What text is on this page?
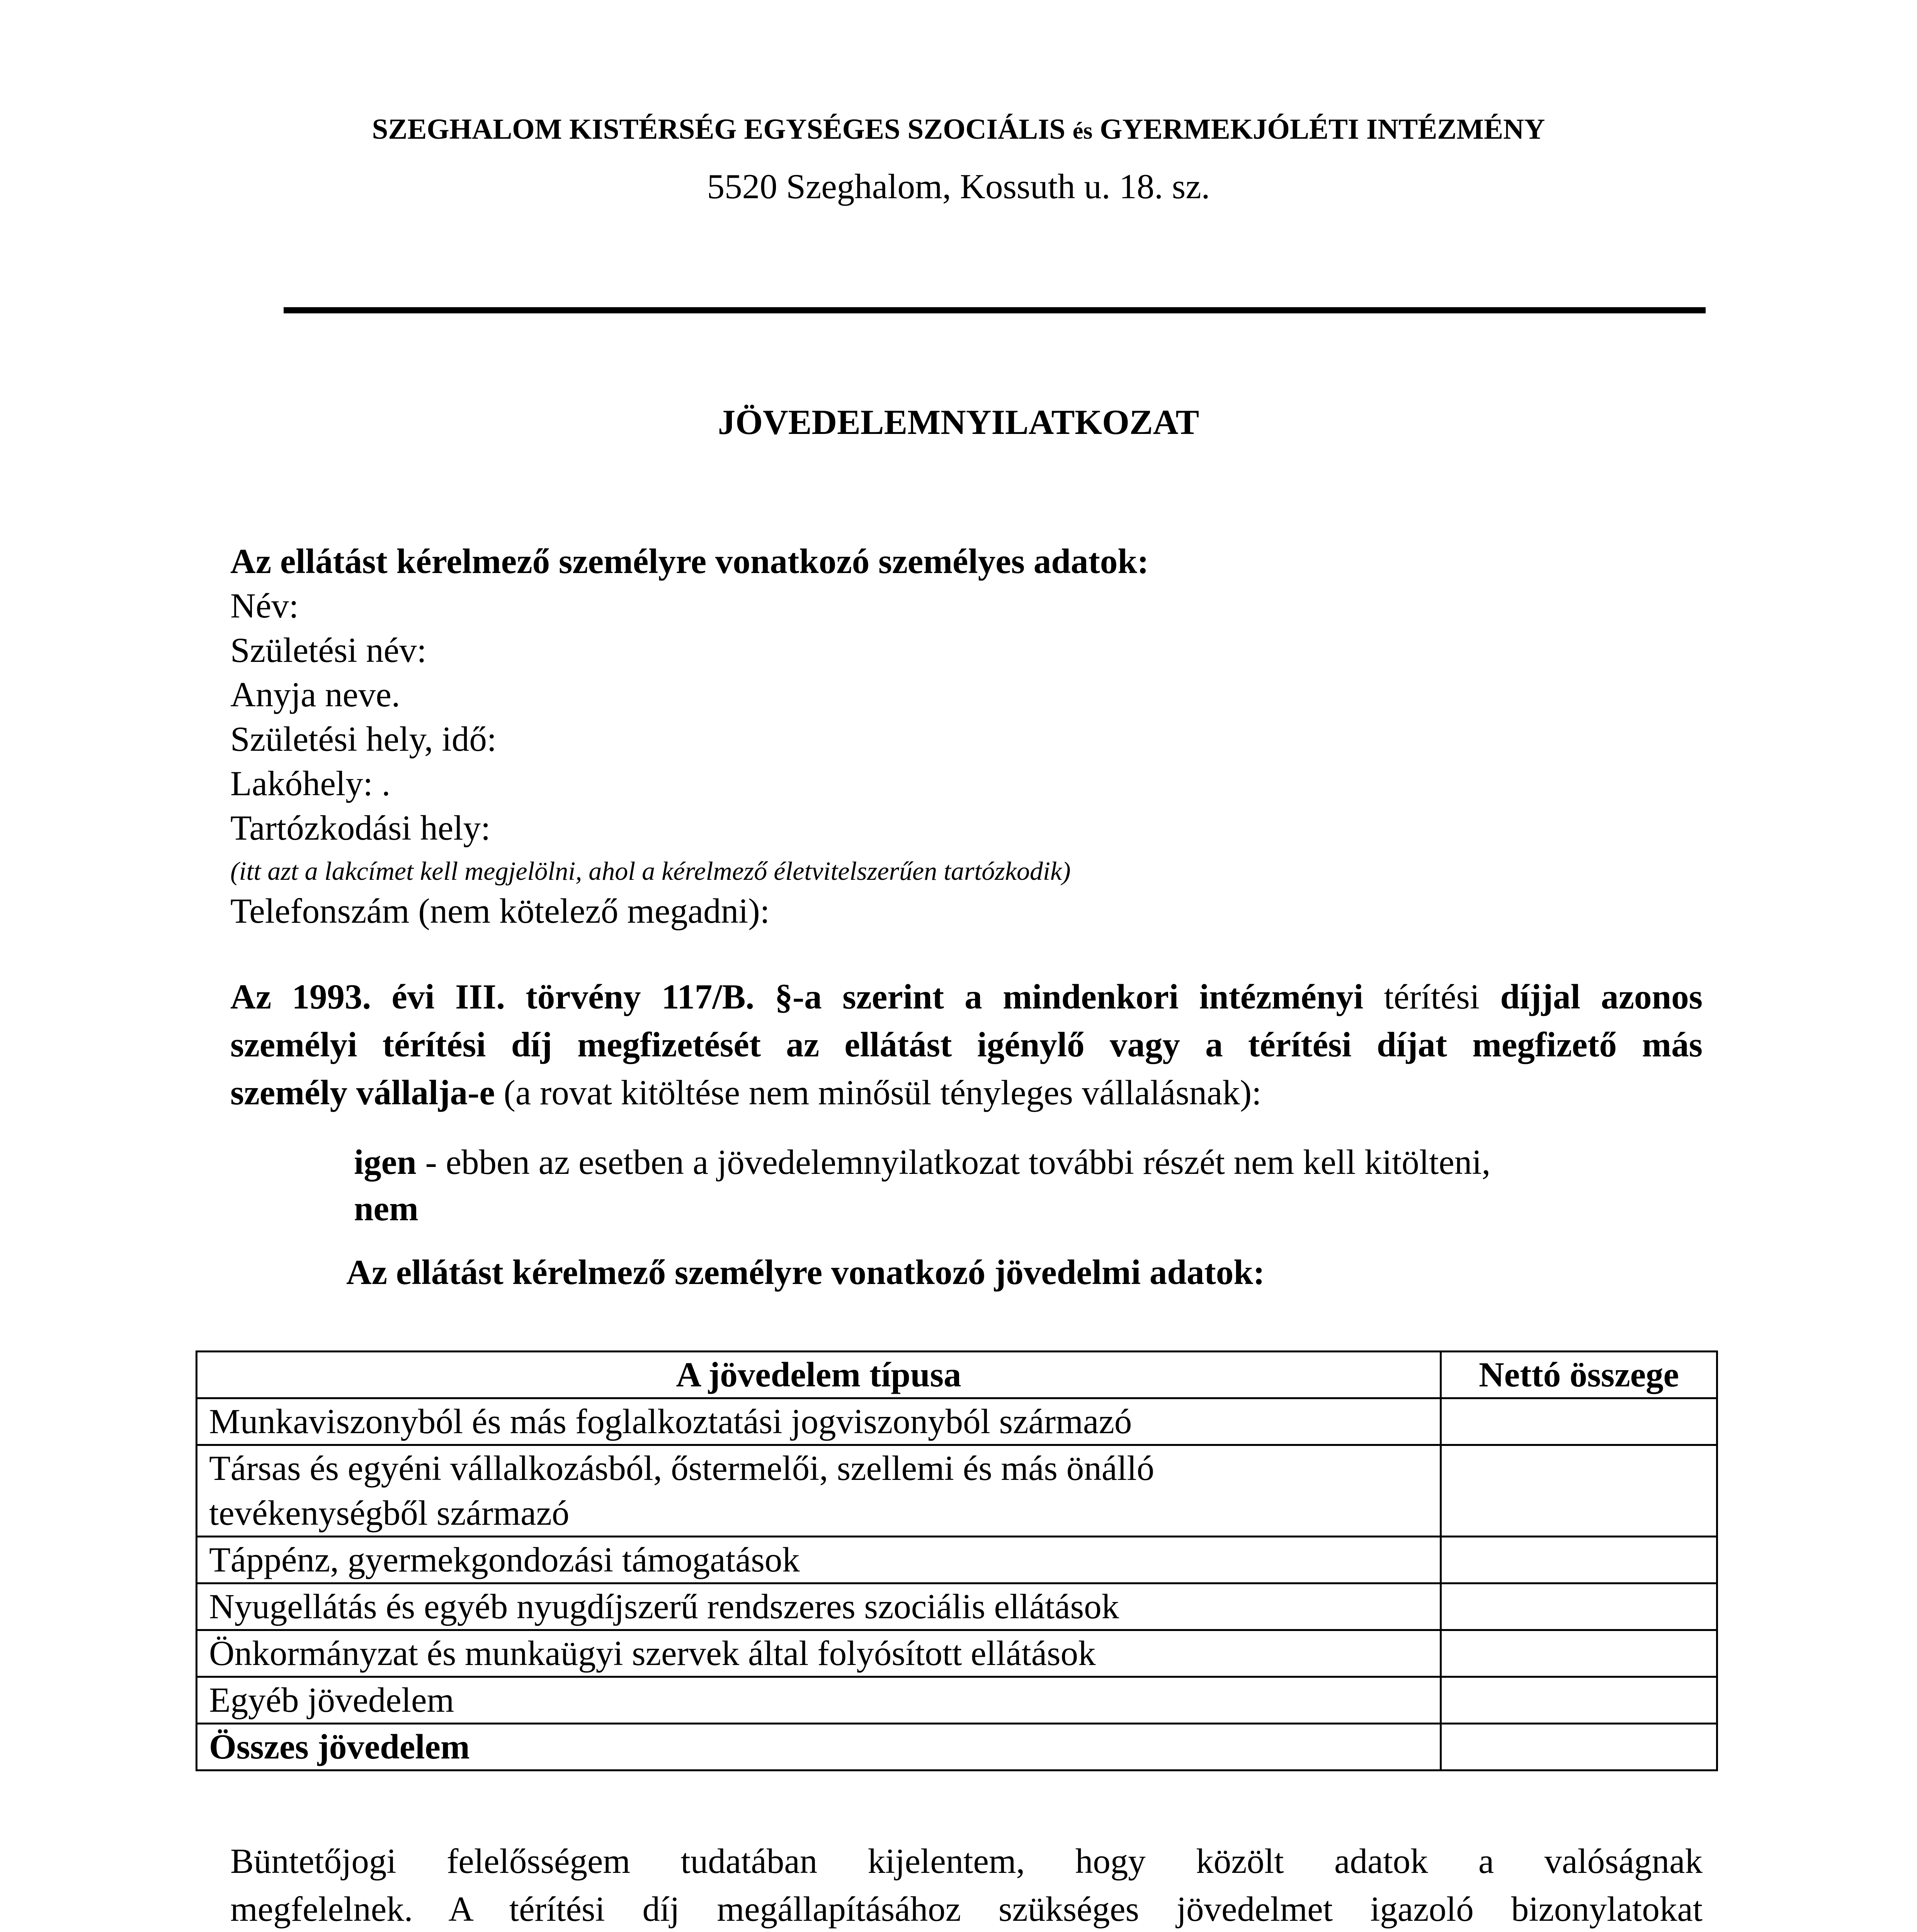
SZEGHALOM KISTÉRSÉG EGYSÉGES SZOCIÁLIS és GYERMEKJÓLÉTI INTÉZMÉNY
5520 Szeghalom, Kossuth u. 18. sz.
JÖVEDELEMNYILATKOZAT
Az ellátást kérelmező személyre vonatkozó személyes adatok:
Név:
Születési név:
Anyja neve.
Születési hely, idő:
Lakóhely: .
Tartózkodási hely:
(itt azt a lakcímet kell megjelölni, ahol a kérelmező életvitelszerűen tartózkodik)
Telefonszám (nem kötelező megadni):
Az 1993. évi III. törvény 117/B. §-a szerint a mindenkori intézményi térítési díjjal azonos
személyi térítési díj megfizetését az ellátást igénylő vagy a térítési díjat megfizető más
személy vállalja-e (a rovat kitöltése nem minősül tényleges vállalásnak):
igen - ebben az esetben a jövedelemnyilatkozat további részét nem kell kitölteni,
nem
Az ellátást kérelmező személyre vonatkozó jövedelmi adatok:
A jövedelem típusa	Nettó összege
Munkaviszonyból és más foglalkoztatási jogviszonyból származó	
Társas és egyéni vállalkozásból, őstermelői, szellemi és más önálló tevékenységből származó	
Táppénz, gyermekgondozási támogatások	
Nyugellátás és egyéb nyugdíjszerű rendszeres szociális ellátások	
Önkormányzat és munkaügyi szervek által folyósított ellátások	
Egyéb jövedelem	
Összes jövedelem	
Büntetőjogi felelősségem tudatában kijelentem, hogy közölt adatok a valóságnak
megfelelnek. A térítési díj megállapításához szükséges jövedelmet igazoló bizonylatokat
